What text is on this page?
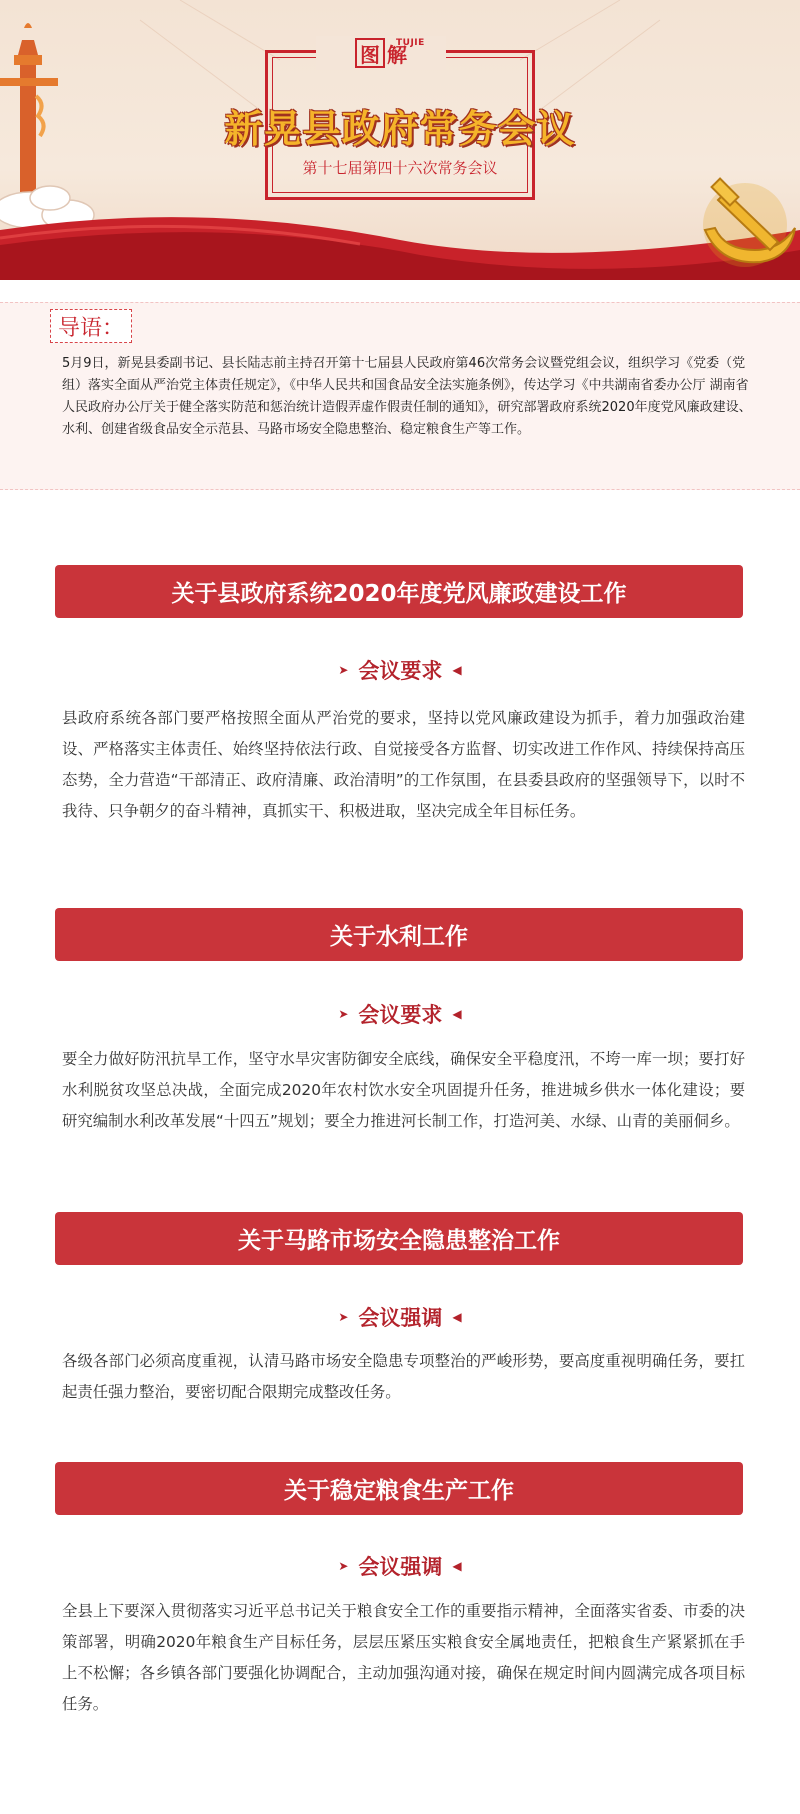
图 解
TUJIE
新晃县政府常务会议
第十七届第四十六次常务会议
导语：
5月9日，新晃县委副书记、县长陆志前主持召开第十七届县人民政府第46次常务会议暨党组会议，组织学习《党委（党组）落实全面从严治党主体责任规定》，《中华人民共和国食品安全法实施条例》，传达学习《中共湖南省委办公厅 湖南省人民政府办公厅关于健全落实防范和惩治统计造假弄虚作假责任制的通知》，研究部署政府系统2020年度党风廉政建设、水利、创建省级食品安全示范县、马路市场安全隐患整治、稳定粮食生产等工作。
关于县政府系统2020年度党风廉政建设工作
➤ 会议要求 ◀
县政府系统各部门要严格按照全面从严治党的要求，坚持以党风廉政建设为抓手，着力加强政治建设、严格落实主体责任、始终坚持依法行政、自觉接受各方监督、切实改进工作作风、持续保持高压态势，全力营造“干部清正、政府清廉、政治清明”的工作氛围，在县委县政府的坚强领导下，以时不我待、只争朝夕的奋斗精神，真抓实干、积极进取，坚决完成全年目标任务。
关于水利工作
➤ 会议要求 ◀
要全力做好防汛抗旱工作，坚守水旱灾害防御安全底线，确保安全平稳度汛，不垮一库一坝；要打好水利脱贫攻坚总决战，全面完成2020年农村饮水安全巩固提升任务，推进城乡供水一体化建设；要研究编制水利改革发展“十四五”规划；要全力推进河长制工作，打造河美、水绿、山青的美丽侗乡。
关于马路市场安全隐患整治工作
➤ 会议强调 ◀
各级各部门必须高度重视，认清马路市场安全隐患专项整治的严峻形势，要高度重视明确任务，要扛起责任强力整治，要密切配合限期完成整改任务。
关于稳定粮食生产工作
➤ 会议强调 ◀
全县上下要深入贯彻落实习近平总书记关于粮食安全工作的重要指示精神，全面落实省委、市委的决策部署，明确2020年粮食生产目标任务，层层压紧压实粮食安全属地责任，把粮食生产紧紧抓在手上不松懈；各乡镇各部门要强化协调配合，主动加强沟通对接，确保在规定时间内圆满完成各项目标任务。
